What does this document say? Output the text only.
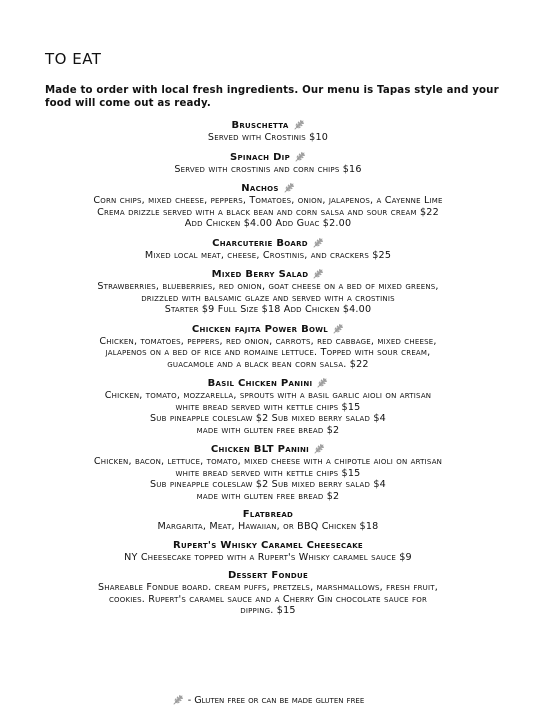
TO EAT
Made to order with local fresh ingredients. Our menu is Tapas style and your food will come out as ready.
Bruschetta
Served with Crostinis $10
Spinach Dip
Served with crostinis and corn chips $16
Nachos
Corn chips, mixed cheese, peppers, Tomatoes, onion, jalapenos, a Cayenne Lime
Crema drizzle served with a black bean and corn salsa and sour cream $22
Add Chicken $4.00 Add Guac $2.00
Charcuterie Board
Mixed local meat, cheese, Crostinis, and crackers $25
Mixed Berry Salad
Strawberries, blueberries, red onion, goat cheese on a bed of mixed greens,
drizzled with balsamic glaze and served with a crostinis
Starter $9 Full Size $18 Add Chicken $4.00
Chicken fajita Power Bowl
Chicken, tomatoes, peppers, red onion, carrots, red cabbage, mixed cheese,
jalapenos on a bed of rice and romaine lettuce. Topped with sour cream,
guacamole and a black bean corn salsa. $22
Basil Chicken Panini
Chicken, tomato, mozzarella, sprouts with a basil garlic aioli on artisan
white bread served with kettle chips $15
Sub pineapple coleslaw $2 Sub mixed berry salad $4
made with gluten free bread $2
Chicken BLT Panini
Chicken, bacon, lettuce, tomato, mixed cheese with a chipotle aioli on artisan
white bread served with kettle chips $15
Sub pineapple coleslaw $2 Sub mixed berry salad $4
made with gluten free bread $2
Flatbread
Margarita, Meat, Hawaiian, or BBQ Chicken $18
Rupert's Whisky Caramel Cheesecake
NY Cheesecake topped with a Rupert's Whisky caramel sauce $9
Dessert Fondue
Shareable Fondue board. cream puffs, pretzels, marshmallows, fresh fruit,
cookies. Rupert's caramel sauce and a Cherry Gin chocolate sauce for
dipping. $15
- Gluten free or can be made gluten free
